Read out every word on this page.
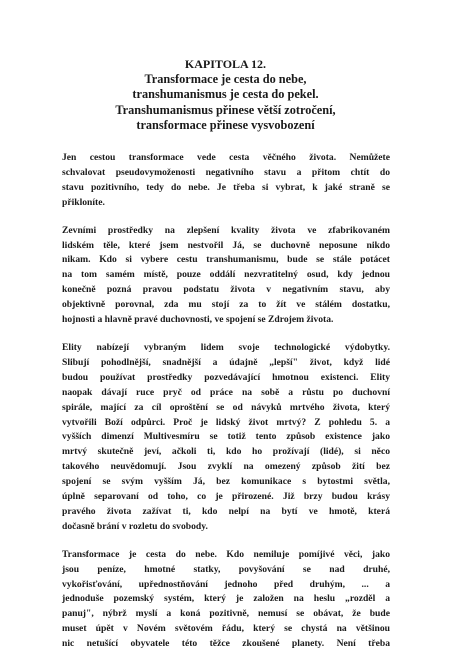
KAPITOLA 12.
Transformace je cesta do nebe,
transhumanismus je cesta do pekel.
Transhumanismus přinese větší zotročení,
transformace přinese vysvobození

Jen cestou transformace vede cesta věčného života. Nemůžete
schvalovat pseudovymoženosti negativního stavu a přitom chtít do
stavu pozitivního, tedy do nebe. Je třeba si vybrat, k jaké straně se
přikloníte.

Zevními prostředky na zlepšení kvality života ve zfabrikovaném
lidském těle, které jsem nestvořil Já, se duchovně neposune nikdo
nikam. Kdo si vybere cestu transhumanismu, bude se stále potácet
na tom samém místě, pouze oddálí nezvratitelný osud, kdy jednou
konečně pozná pravou podstatu života v negativním stavu, aby
objektivně porovnal, zda mu stojí za to žít ve stálém dostatku,
hojnosti a hlavně pravé duchovnosti, ve spojení se Zdrojem života.

Elity nabízejí vybraným lidem svoje technologické výdobytky.
Slibují pohodlnější, snadnější a údajně „lepší" život, když lidé
budou používat prostředky pozvedávající hmotnou existenci. Elity
naopak dávají ruce pryč od práce na sobě a růstu po duchovní
spirále, mající za cíl oproštění se od návyků mrtvého života, který
vytvořili Boží odpůrci. Proč je lidský život mrtvý? Z pohledu 5. a
vyšších dimenzí Multivesmíru se totiž tento způsob existence jako
mrtvý skutečně jeví, ačkoli ti, kdo ho prožívají (lidé), si něco
takového neuvědomují. Jsou zvyklí na omezený způsob žití bez
spojení se svým vyšším Já, bez komunikace s bytostmi světla,
úplně separovaní od toho, co je přirozené. Již brzy budou krásy
pravého života zažívat ti, kdo nelpí na bytí ve hmotě, která
dočasně brání v rozletu do svobody.

Transformace je cesta do nebe. Kdo nemiluje pomíjivé věci, jako
jsou peníze, hmotné statky, povyšování se nad druhé,
vykořisťování, upřednostňování jednoho před druhým, ... a
jednoduše pozemský systém, který je založen na heslu „rozděl a
panuj", nýbrž myslí a koná pozitivně, nemusí se obávat, že bude
muset úpět v Novém světovém řádu, který se chystá na většinou
nic netušící obyvatele této těžce zkoušené planety. Není třeba
